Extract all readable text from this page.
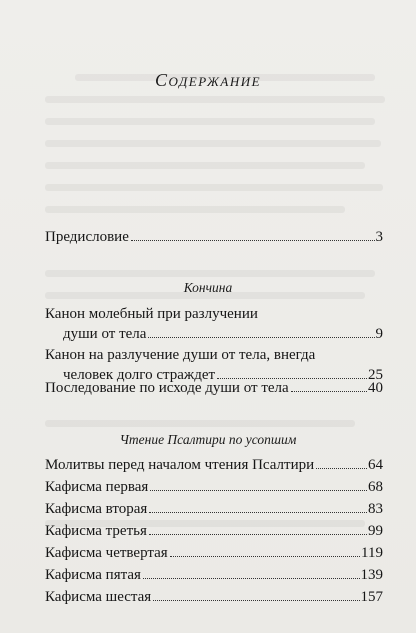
Содержание
Предисловие	3
Кончина
Канон молебный при разлучении
души от тела	9
Канон на разлучение души от тела, внегда
человек долго страждет	25
Последование по исходе души от тела	40
Чтение Псалтири по усопшим
Молитвы перед началом чтения Псалтири	64
Кафисма первая	68
Кафисма вторая	83
Кафисма третья	99
Кафисма четвертая	119
Кафисма пятая	139
Кафисма шестая	157
